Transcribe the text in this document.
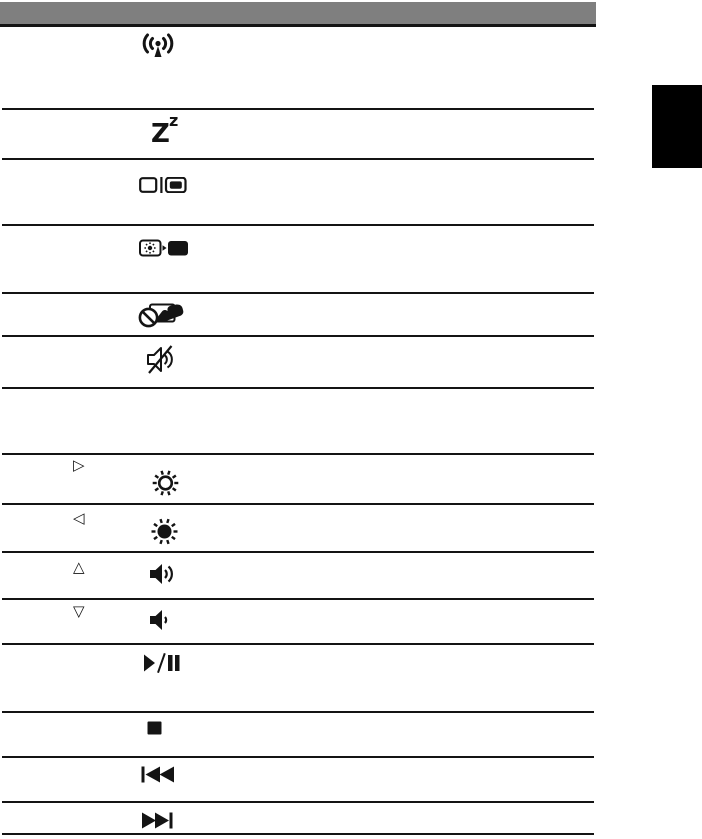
Z z
▷
◁
△
▽
